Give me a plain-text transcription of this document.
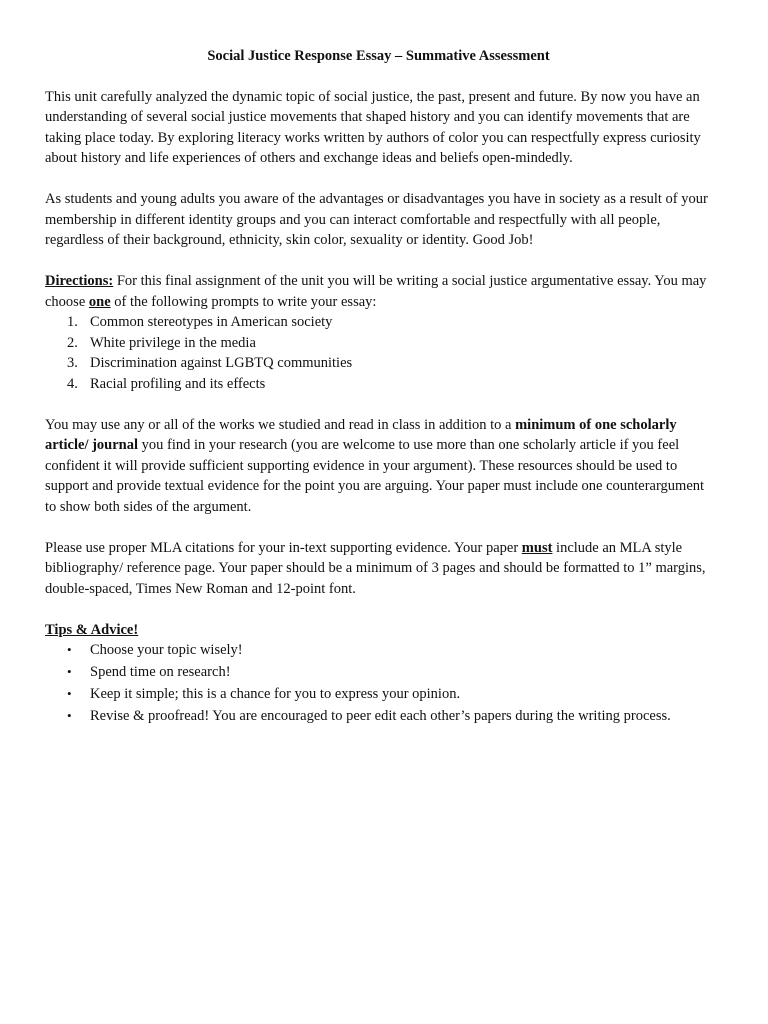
Social Justice Response Essay – Summative Assessment

This unit carefully analyzed the dynamic topic of social justice, the past, present and future. By now you have an understanding of several social justice movements that shaped history and you can identify movements that are taking place today. By exploring literacy works written by authors of color you can respectfully express curiosity about history and life experiences of others and exchange ideas and beliefs open-mindedly.

As students and young adults you aware of the advantages or disadvantages you have in society as a result of your membership in different identity groups and you can interact comfortable and respectfully with all people, regardless of their background, ethnicity, skin color, sexuality or identity. Good Job!

Directions: For this final assignment of the unit you will be writing a social justice argumentative essay. You may choose one of the following prompts to write your essay:

1. Common stereotypes in American society
2. White privilege in the media
3. Discrimination against LGBTQ communities
4. Racial profiling and its effects

You may use any or all of the works we studied and read in class in addition to a minimum of one scholarly article/ journal you find in your research (you are welcome to use more than one scholarly article if you feel confident it will provide sufficient supporting evidence in your argument). These resources should be used to support and provide textual evidence for the point you are arguing. Your paper must include one counterargument to show both sides of the argument.

Please use proper MLA citations for your in-text supporting evidence. Your paper must include an MLA style bibliography/ reference page. Your paper should be a minimum of 3 pages and should be formatted to 1” margins, double-spaced, Times New Roman and 12-point font.

Tips & Advice!

•	Choose your topic wisely!
•	Spend time on research!
•	Keep it simple; this is a chance for you to express your opinion.
•	Revise & proofread! You are encouraged to peer edit each other’s papers during the writing process.
